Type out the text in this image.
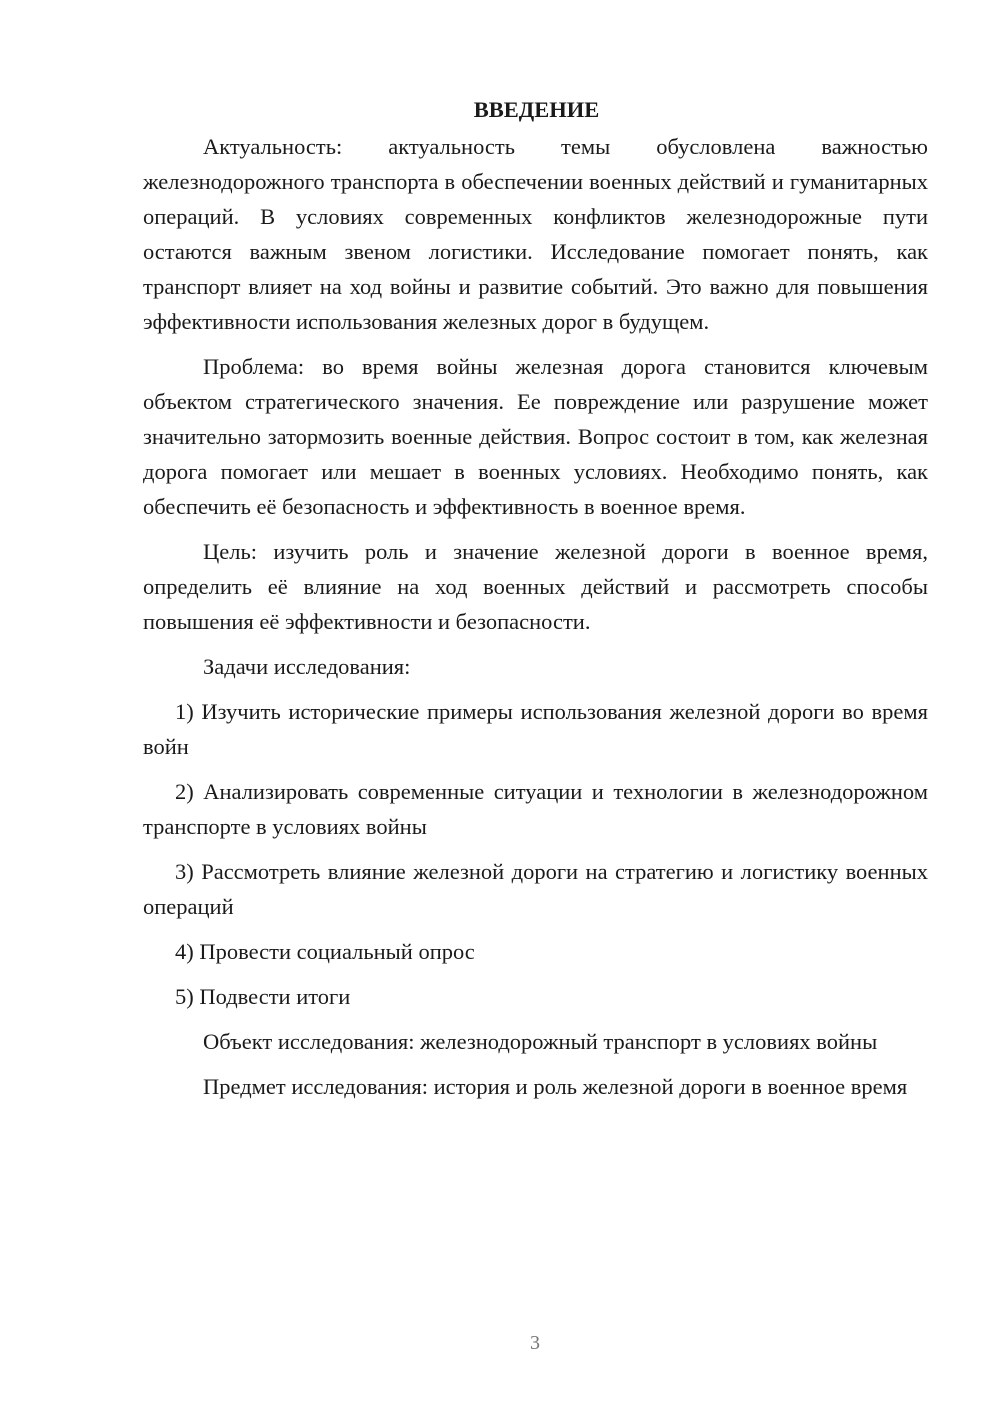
ВВЕДЕНИЕ

Актуальность: актуальность темы обусловлена важностью железнодорожного транспорта в обеспечении военных действий и гуманитарных операций. В условиях современных конфликтов железнодорожные пути остаются важным звеном логистики. Исследование помогает понять, как транспорт влияет на ход войны и развитие событий. Это важно для повышения эффективности использования железных дорог в будущем.

Проблема: во время войны железная дорога становится ключевым объектом стратегического значения. Ее повреждение или разрушение может значительно затормозить военные действия. Вопрос состоит в том, как железная дорога помогает или мешает в военных условиях. Необходимо понять, как обеспечить её безопасность и эффективность в военное время.

Цель: изучить роль и значение железной дороги в военное время, определить её влияние на ход военных действий и рассмотреть способы повышения её эффективности и безопасности.

Задачи исследования:

1) Изучить исторические примеры использования железной дороги во время войн

2) Анализировать современные ситуации и технологии в железнодорожном транспорте в условиях войны

3) Рассмотреть влияние железной дороги на стратегию и логистику военных операций

4) Провести социальный опрос

5) Подвести итоги

Объект исследования: железнодорожный транспорт в условиях войны

Предмет исследования: история и роль железной дороги в военное время

3
